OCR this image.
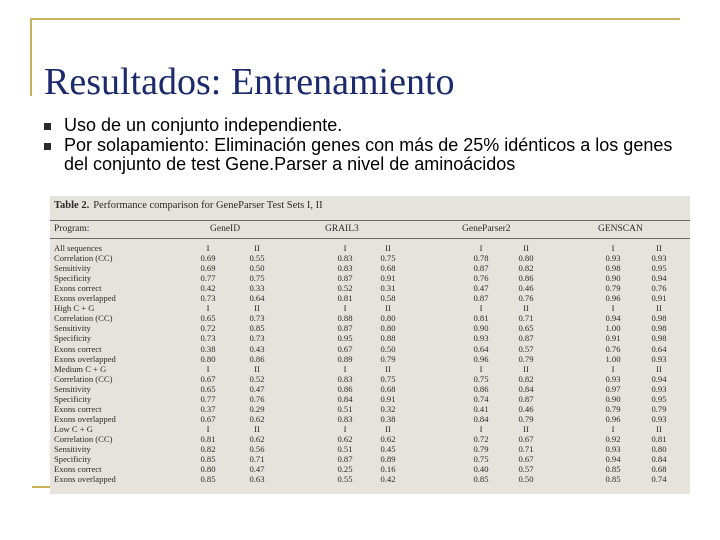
Resultados: Entrenamiento
Uso de un conjunto independiente.
Por solapamiento: Eliminación genes con más de 25% idénticos a los genes del conjunto de test Gene.Parser a nivel de aminoácidos
Table 2. Performance comparison for GeneParser Test Sets I, II
Program:	GeneID	GRAIL3	GeneParser2	GENSCAN
All sequences	I	II	I	II	I	II	I	II
Correlation (CC)	0.69	0.55	0.83	0.75	0.78	0.80	0.93	0.93
Sensitivity	0.69	0.50	0.83	0.68	0.87	0.82	0.98	0.95
Specificity	0.77	0.75	0.87	0.91	0.76	0.86	0.90	0.94
Exons correct	0.42	0.33	0.52	0.31	0.47	0.46	0.79	0.76
Exons overlapped	0.73	0.64	0.81	0.58	0.87	0.76	0.96	0.91
High C + G	I	II	I	II	I	II	I	II
Correlation (CC)	0.65	0.73	0.88	0.80	0.81	0.71	0.94	0.98
Sensitivity	0.72	0.85	0.87	0.80	0.90	0.65	1.00	0.98
Specificity	0.73	0.73	0.95	0.88	0.93	0.87	0.91	0.98
Exons correct	0.38	0.43	0.67	0.50	0.64	0.57	0.76	0.64
Exons overlapped	0.80	0.86	0.89	0.79	0.96	0.79	1.00	0.93
Medium C + G	I	II	I	II	I	II	I	II
Correlation (CC)	0.67	0.52	0.83	0.75	0.75	0.82	0.93	0.94
Sensitivity	0.65	0.47	0.86	0.68	0.86	0.84	0.97	0.93
Specificity	0.77	0.76	0.84	0.91	0.74	0.87	0.90	0.95
Exons correct	0.37	0.29	0.51	0.32	0.41	0.46	0.79	0.79
Exons overlapped	0.67	0.62	0.83	0.38	0.84	0.79	0.96	0.93
Low C + G	I	II	I	II	I	II	I	II
Correlation (CC)	0.81	0.62	0.62	0.62	0.72	0.67	0.92	0.81
Sensitivity	0.82	0.56	0.51	0.45	0.79	0.71	0.93	0.80
Specificity	0.85	0.71	0.87	0.89	0.75	0.67	0.94	0.84
Exons correct	0.80	0.47	0.25	0.16	0.40	0.57	0.85	0.68
Exons overlapped	0.85	0.63	0.55	0.42	0.85	0.50	0.85	0.74
